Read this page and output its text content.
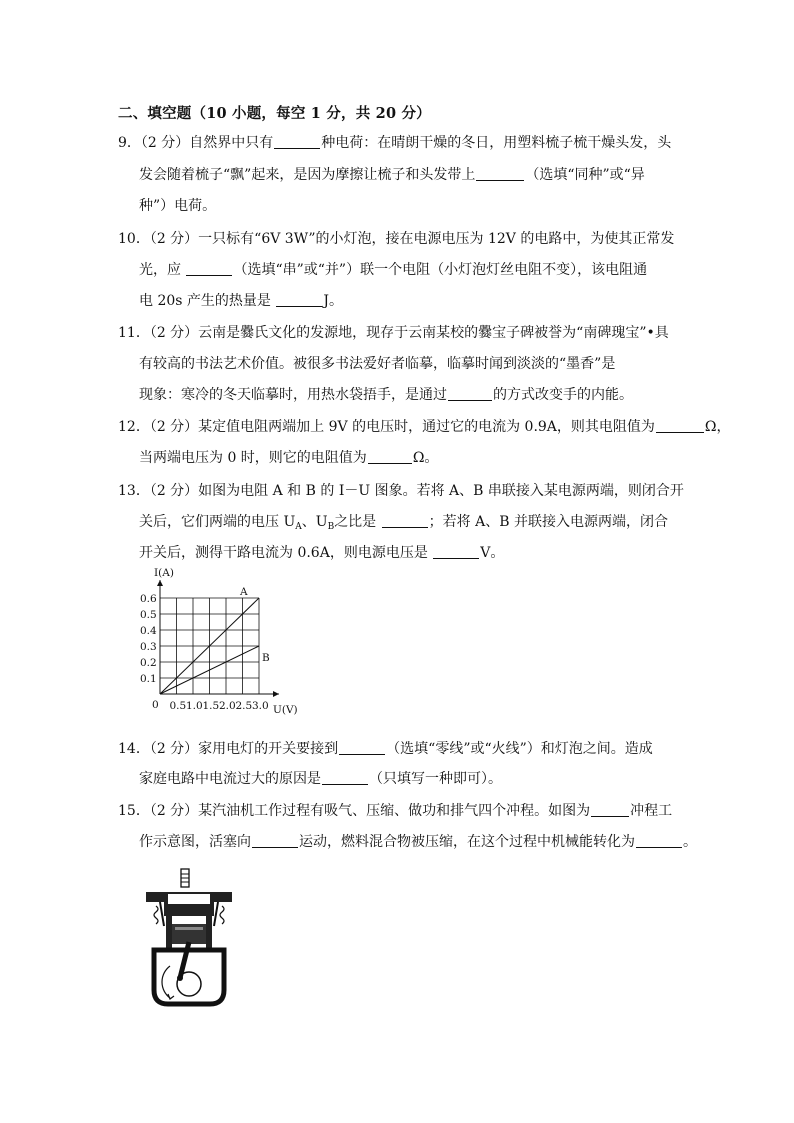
二、填空题（10 小题，每空 1 分，共 20 分）
9．（2 分）自然界中只有	种电荷：在晴朗干燥的冬日，用塑料梳子梳干燥头发，头
发会随着梳子“飘”起来，是因为摩擦让梳子和头发带上	（选填“同种”或“异
种”）电荷。
10．（2 分）一只标有“6V 3W”的小灯泡，接在电源电压为 12V 的电路中，为使其正常发
光，应	（选填“串”或“并”）联一个电阻（小灯泡灯丝电阻不变），该电阻通
电 20s 产生的热量是	J。
11．（2 分）云南是爨氏文化的发源地，现存于云南某校的爨宝子碑被誉为“南碑瑰宝”•具
有较高的书法艺术价值。被很多书法爱好者临摹，临摹时闻到淡淡的“墨香”是
现象：寒冷的冬天临摹时，用热水袋捂手，是通过	的方式改变手的内能。
12．（2 分）某定值电阻两端加上 9V 的电压时，通过它的电流为 0.9A，则其电阻值为	Ω，
当两端电压为 0 时，则它的电阻值为	Ω。
13．（2 分）如图为电阻 A 和 B 的 I－U 图象。若将 A、B 串联接入某电源两端，则闭合开
关后，它们两端的电压 $U_A$、$U_B$之比是	；若将 A、B 并联接入电源两端，闭合
开关后，测得干路电流为 0.6A，则电源电压是	V。
0.5 1.0 1.5 2.0 2.5 3.0
0.1
0.2
0.3
0.4
0.5
0.6
0	U(V)
I(A)
A
B
14．（2 分）家用电灯的开关要接到	（选填“零线”或“火线”）和灯泡之间。造成
家庭电路中电流过大的原因是	（只填写一种即可）。
15．（2 分）某汽油机工作过程有吸气、压缩、做功和排气四个冲程。如图为	冲程工
作示意图，活塞向	运动，燃料混合物被压缩，在这个过程中机械能转化为	。
